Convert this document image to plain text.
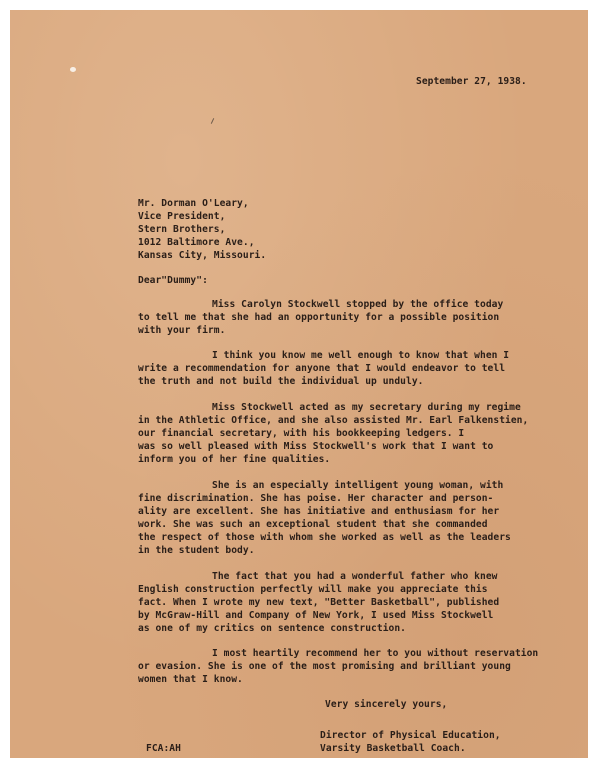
September 27, 1938.
Mr. Dorman O'Leary,
Vice President,
Stern Brothers,
1012 Baltimore Ave.,
Kansas City, Missouri.
Dear"Dummy":
Miss Carolyn Stockwell stopped by the office today
to tell me that she had an opportunity for a possible position
with your firm.
I think you know me well enough to know that when I
write a recommendation for anyone that I would endeavor to tell
the truth and not build the individual up unduly.
Miss Stockwell acted as my secretary during my regime
in the Athletic Office, and she also assisted Mr. Earl Falkenstien,
our financial secretary, with his bookkeeping ledgers. I
was so well pleased with Miss Stockwell's work that I want to
inform you of her fine qualities.
She is an especially intelligent young woman, with
fine discrimination. She has poise. Her character and person-
ality are excellent. She has initiative and enthusiasm for her
work. She was such an exceptional student that she commanded
the respect of those with whom she worked as well as the leaders
in the student body.
The fact that you had a wonderful father who knew
English construction perfectly will make you appreciate this
fact. When I wrote my new text, "Better Basketball", published
by McGraw-Hill and Company of New York, I used Miss Stockwell
as one of my critics on sentence construction.
I most heartily recommend her to you without reservation
or evasion. She is one of the most promising and brilliant young
women that I know.
Very sincerely yours,
Director of Physical Education,
Varsity Basketball Coach.
FCA:AH
